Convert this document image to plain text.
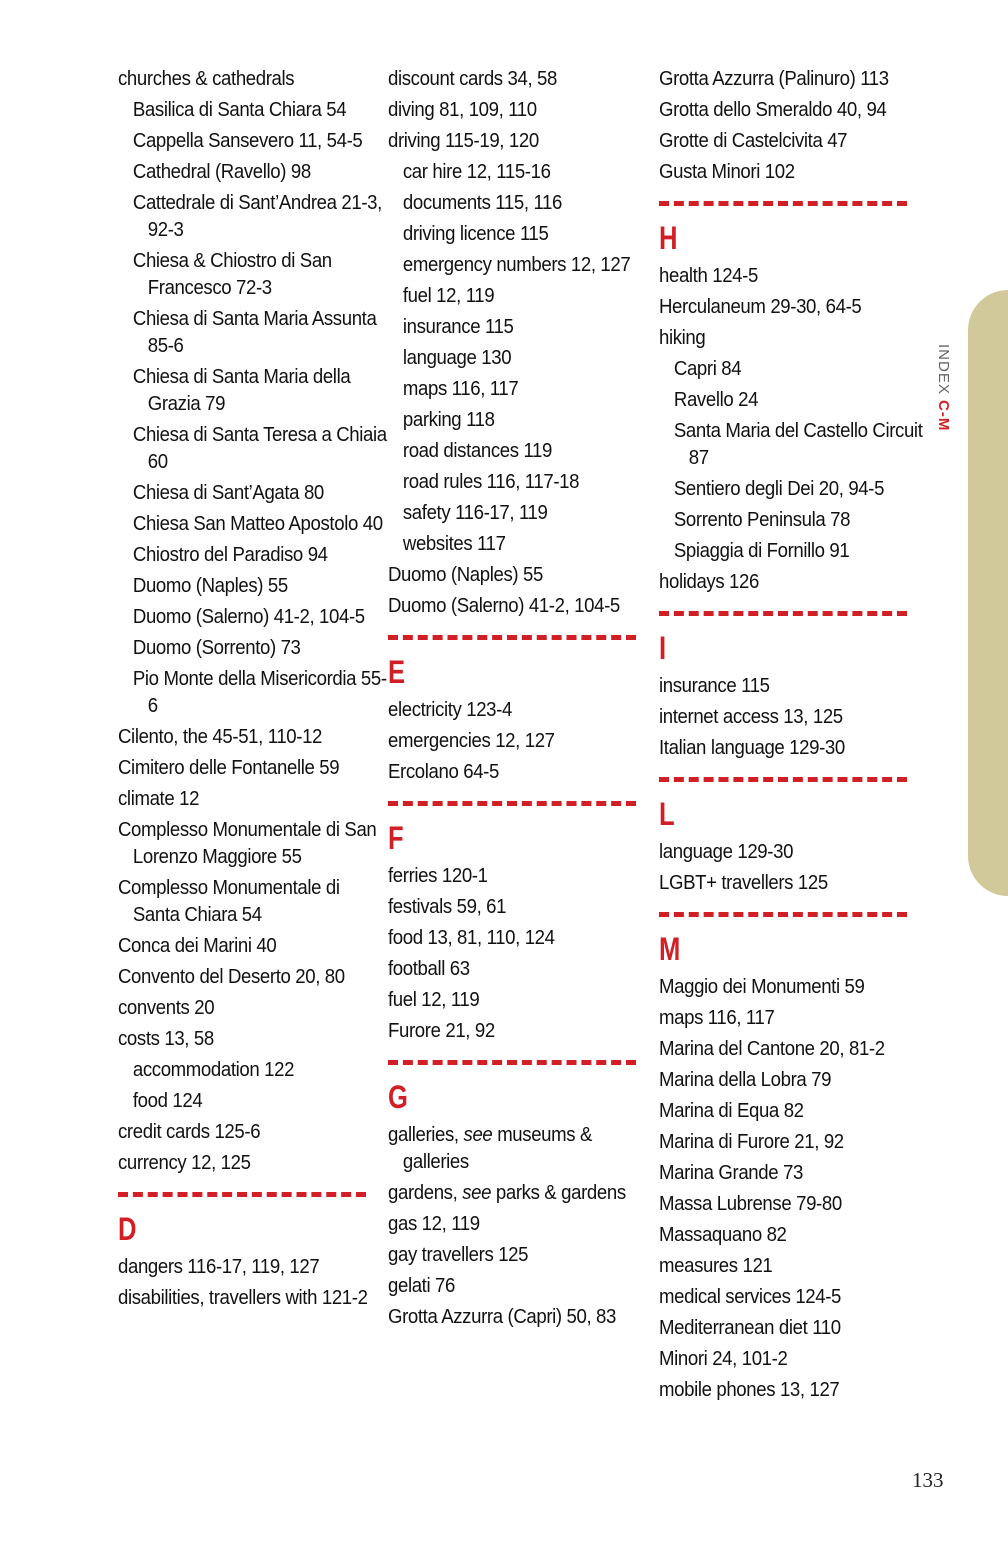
churches & cathedrals
Basilica di Santa Chiara 54
Cappella Sansevero 11, 54-5
Cathedral (Ravello) 98
Cattedrale di Sant’Andrea 21-3, 92-3
Chiesa & Chiostro di San Francesco 72-3
Chiesa di Santa Maria Assunta 85-6
Chiesa di Santa Maria della Grazia 79
Chiesa di Santa Teresa a Chiaia 60
Chiesa di Sant’Agata 80
Chiesa San Matteo Apostolo 40
Chiostro del Paradiso 94
Duomo (Naples) 55
Duomo (Salerno) 41-2, 104-5
Duomo (Sorrento) 73
Pio Monte della Misericordia 55-6
Cilento, the 45-51, 110-12
Cimitero delle Fontanelle 59
climate 12
Complesso Monumentale di San Lorenzo Maggiore 55
Complesso Monumentale di Santa Chiara 54
Conca dei Marini 40
Convento del Deserto 20, 80
convents 20
costs 13, 58
accommodation 122
food 124
credit cards 125-6
currency 12, 125
D
dangers 116-17, 119, 127
disabilities, travellers with 121-2
discount cards 34, 58
diving 81, 109, 110
driving 115-19, 120
car hire 12, 115-16
documents 115, 116
driving licence 115
emergency numbers 12, 127
fuel 12, 119
insurance 115
language 130
maps 116, 117
parking 118
road distances 119
road rules 116, 117-18
safety 116-17, 119
websites 117
Duomo (Naples) 55
Duomo (Salerno) 41-2, 104-5
E
electricity 123-4
emergencies 12, 127
Ercolano 64-5
F
ferries 120-1
festivals 59, 61
food 13, 81, 110, 124
football 63
fuel 12, 119
Furore 21, 92
G
galleries, see museums & galleries
gardens, see parks & gardens
gas 12, 119
gay travellers 125
gelati 76
Grotta Azzurra (Capri) 50, 83
Grotta Azzurra (Palinuro) 113
Grotta dello Smeraldo 40, 94
Grotte di Castelcivita 47
Gusta Minori 102
H
health 124-5
Herculaneum 29-30, 64-5
hiking
Capri 84
Ravello 24
Santa Maria del Castello Circuit 87
Sentiero degli Dei 20, 94-5
Sorrento Peninsula 78
Spiaggia di Fornillo 91
holidays 126
I
insurance 115
internet access 13, 125
Italian language 129-30
L
language 129-30
LGBT+ travellers 125
M
Maggio dei Monumenti 59
maps 116, 117
Marina del Cantone 20, 81-2
Marina della Lobra 79
Marina di Equa 82
Marina di Furore 21, 92
Marina Grande 73
Massa Lubrense 79-80
Massaquano 82
measures 121
medical services 124-5
Mediterranean diet 110
Minori 24, 101-2
mobile phones 13, 127
INDEX C-M
133
